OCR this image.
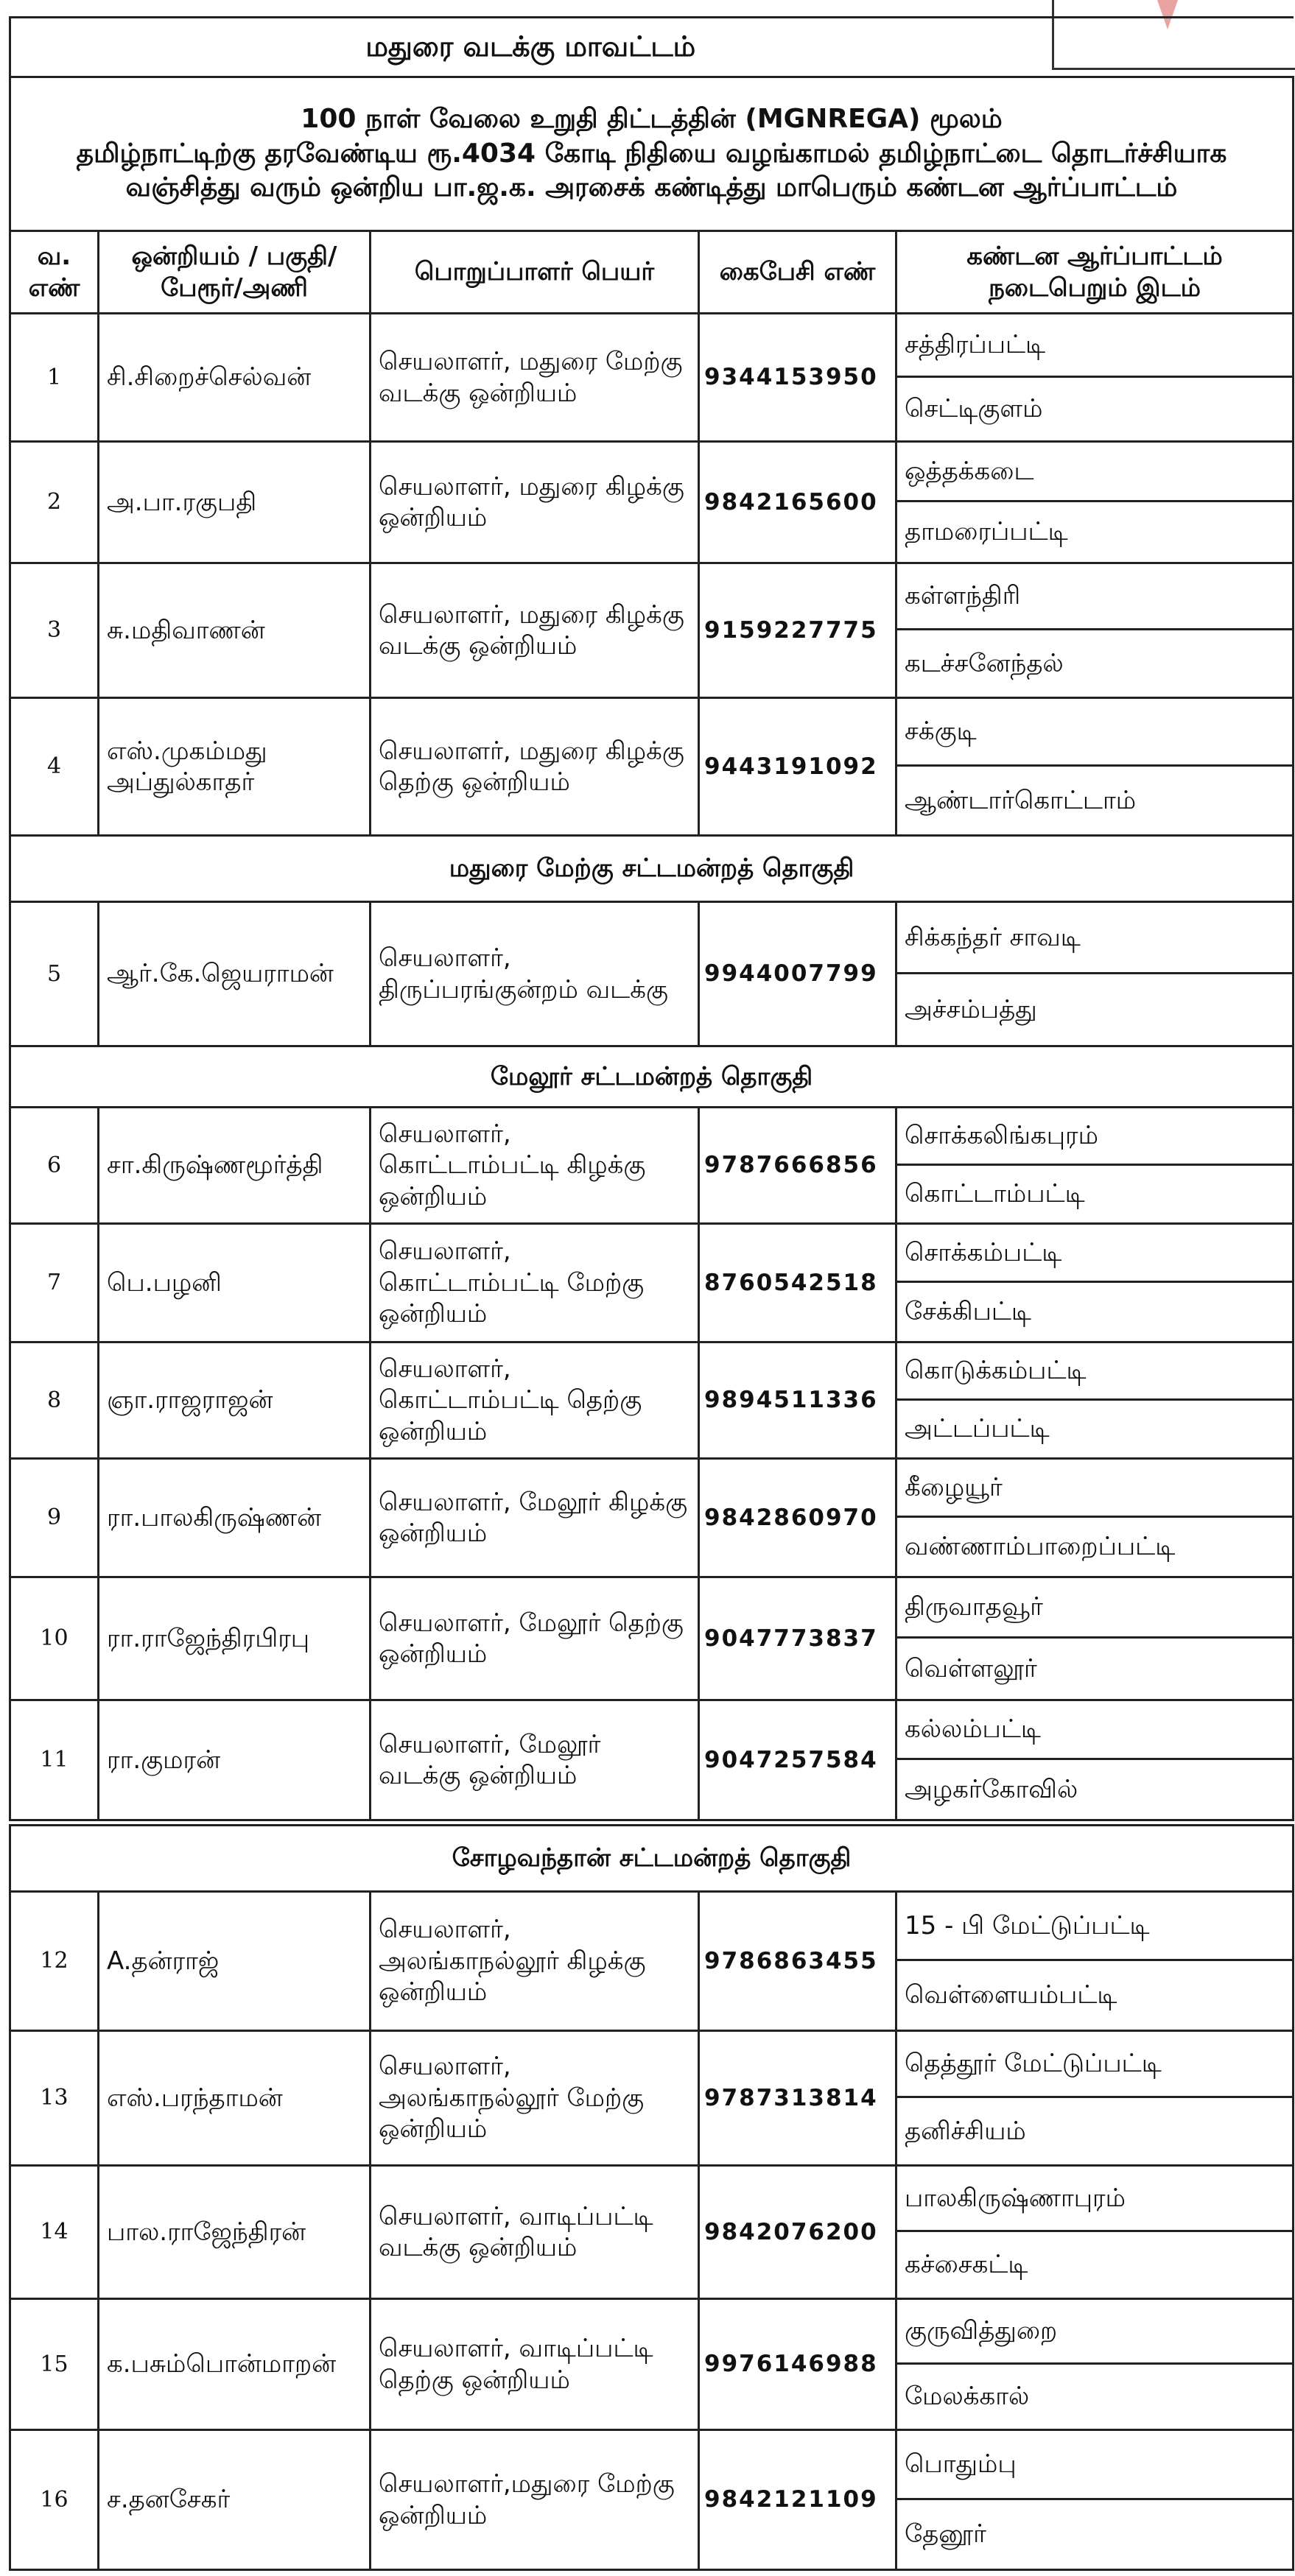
மதுரை வடக்கு மாவட்டம்				

100 நாள் வேலை உறுதி திட்டத்தின் (MGNREGA) மூலம்
தமிழ்நாட்டிற்கு தரவேண்டிய ரூ.4034 கோடி நிதியை வழங்காமல் தமிழ்நாட்டை தொடர்ச்சியாக
வஞ்சித்து வரும் ஒன்றிய பா.ஜ.க. அரசைக் கண்டித்து மாபெரும் கண்டன ஆர்ப்பாட்டம்				

வ. எண்	ஒன்றியம் / பகுதி/ பேரூர்/அணி	பொறுப்பாளர் பெயர்	கைபேசி எண்	கண்டன ஆர்ப்பாட்டம் நடைபெறும் இடம்
1	சி.சிறைச்செல்வன்	செயலாளர், மதுரை மேற்கு வடக்கு ஒன்றியம்	9344153950	சத்திரப்பட்டி
செட்டிகுளம்

2	அ.பா.ரகுபதி	செயலாளர், மதுரை கிழக்கு ஒன்றியம்	9842165600	ஒத்தக்கடை
தாமரைப்பட்டி

3	சு.மதிவாணன்	செயலாளர், மதுரை கிழக்கு வடக்கு ஒன்றியம்	9159227775	கள்ளந்திரி
கடச்சனேந்தல்

4	எஸ்.முகம்மது அப்துல்காதர்	செயலாளர், மதுரை கிழக்கு தெற்கு ஒன்றியம்	9443191092	சக்குடி
ஆண்டார்கொட்டாம்

மதுரை மேற்கு சட்டமன்றத் தொகுதி				
5	ஆர்.கே.ஜெயராமன்	செயலாளர், திருப்பரங்குன்றம் வடக்கு	9944007799	சிக்கந்தர் சாவடி
அச்சம்பத்து

மேலூர் சட்டமன்றத் தொகுதி				
6	சா.கிருஷ்ணமூர்த்தி	செயலாளர், கொட்டாம்பட்டி கிழக்கு ஒன்றியம்	9787666856	சொக்கலிங்கபுரம்
கொட்டாம்பட்டி

7	பெ.பழனி	செயலாளர், கொட்டாம்பட்டி மேற்கு ஒன்றியம்	8760542518	சொக்கம்பட்டி
சேக்கிபட்டி

8	ஞா.ராஜராஜன்	செயலாளர், கொட்டாம்பட்டி தெற்கு ஒன்றியம்	9894511336	கொடுக்கம்பட்டி
அட்டப்பட்டி

9	ரா.பாலகிருஷ்ணன்	செயலாளர், மேலூர் கிழக்கு ஒன்றியம்	9842860970	கீழையூர்
வண்ணாம்பாறைப்பட்டி

10	ரா.ராஜேந்திரபிரபு	செயலாளர், மேலூர் தெற்கு ஒன்றியம்	9047773837	திருவாதவூர்
வெள்ளலூர்

11	ரா.குமரன்	செயலாளர், மேலூர் வடக்கு ஒன்றியம்	9047257584	கல்லம்பட்டி
அழகர்கோவில்

சோழவந்தான் சட்டமன்றத் தொகுதி				
12	A.தன்ராஜ்	செயலாளர், அலங்காநல்லூர் கிழக்கு ஒன்றியம்	9786863455	15 - பி மேட்டுப்பட்டி
வெள்ளையம்பட்டி

13	எஸ்.பரந்தாமன்	செயலாளர், அலங்காநல்லூர் மேற்கு ஒன்றியம்	9787313814	தெத்தூர் மேட்டுப்பட்டி
தனிச்சியம்

14	பால.ராஜேந்திரன்	செயலாளர், வாடிப்பட்டி வடக்கு ஒன்றியம்	9842076200	பாலகிருஷ்ணாபுரம்
கச்சைகட்டி

15	க.பசும்பொன்மாறன்	செயலாளர், வாடிப்பட்டி தெற்கு ஒன்றியம்	9976146988	குருவித்துறை
மேலக்கால்

16	ச.தனசேகர்	செயலாளர்,மதுரை மேற்கு ஒன்றியம்	9842121109	பொதும்பு
தேனூர்
